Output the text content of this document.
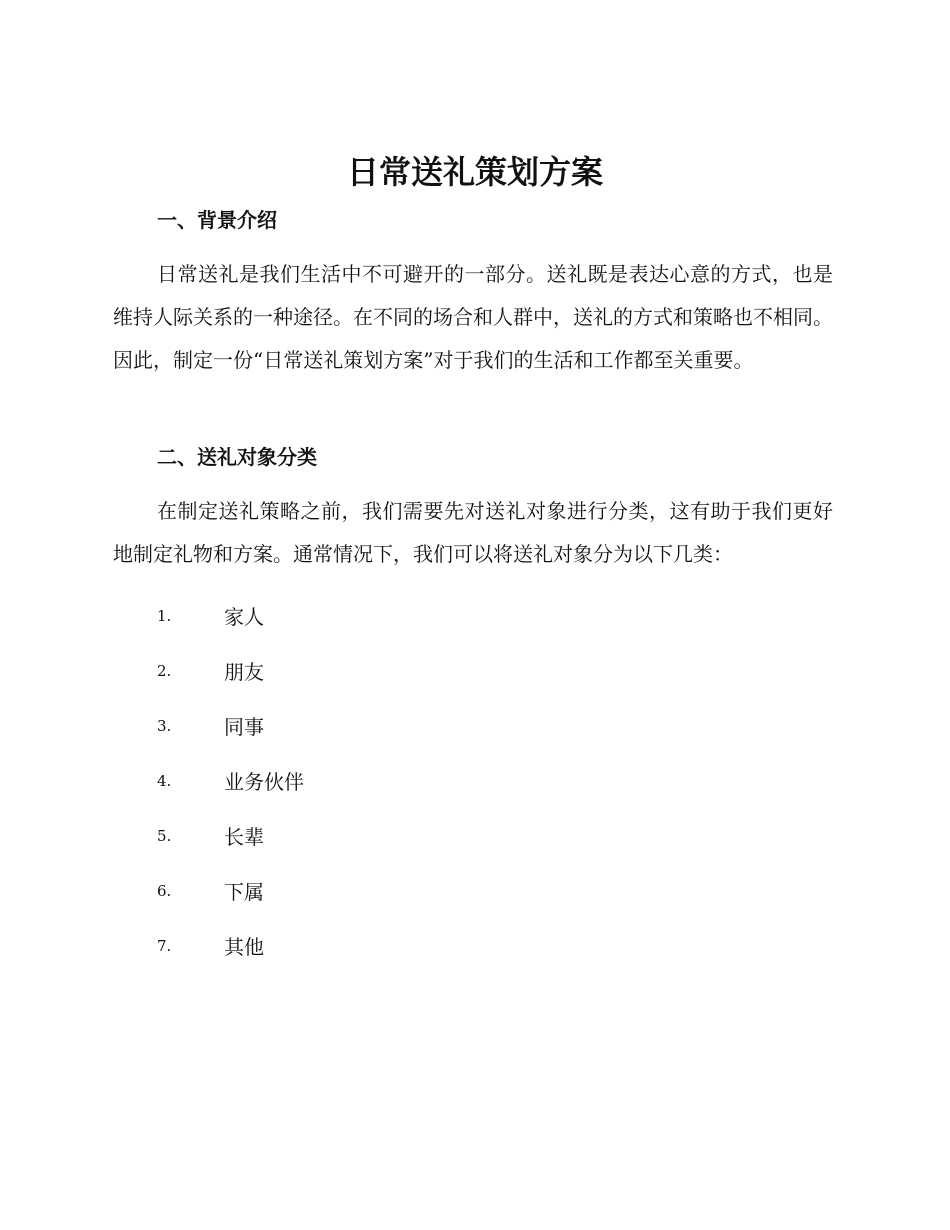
日常送礼策划方案
一、背景介绍

日常送礼是我们生活中不可避开的一部分。送礼既是表达心意的方式，也是维持人际关系的一种途径。在不同的场合和人群中，送礼的方式和策略也不相同。因此，制定一份“日常送礼策划方案”对于我们的生活和工作都至关重要。

二、送礼对象分类

在制定送礼策略之前，我们需要先对送礼对象进行分类，这有助于我们更好地制定礼物和方案。通常情况下，我们可以将送礼对象分为以下几类：

1.	家人
2.	朋友
3.	同事
4.	业务伙伴
5.	长辈
6.	下属
7.	其他
